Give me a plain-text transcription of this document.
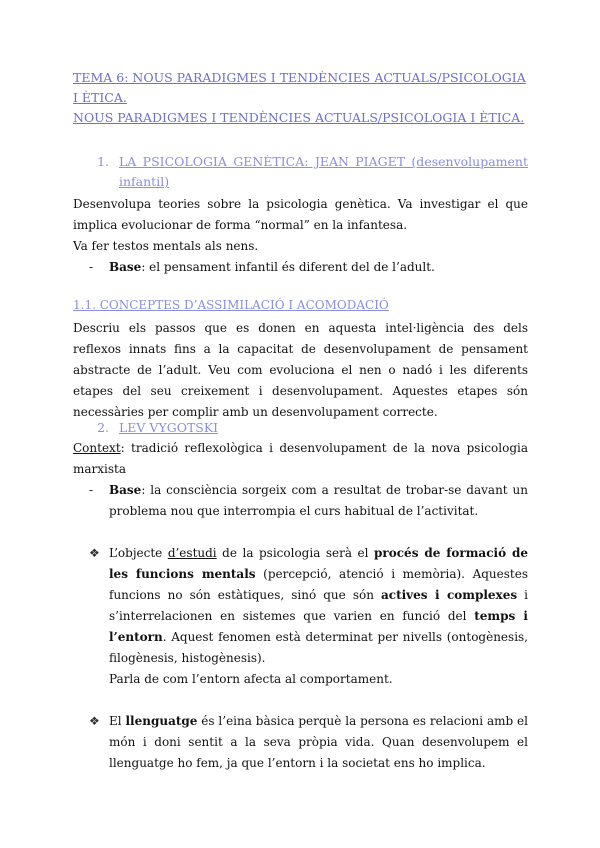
TEMA 6: NOUS PARADIGMES I TENDÈNCIES ACTUALS/PSICOLOGIA I ÈTICA.
NOUS PARADIGMES I TENDÈNCIES ACTUALS/PSICOLOGIA I ÈTICA.
1. LA PSICOLOGIA GENÈTICA: JEAN PIAGET (desenvolupament infantil)

Desenvolupa teories sobre la psicologia genètica. Va investigar el que implica evolucionar de forma “normal” en la infantesa.

Va fer testos mentals als nens.

-	Base: el pensament infantil és diferent del de l’adult.
1.1. CONCEPTES D’ASSIMILACIÓ I ACOMODACIÓ

Descriu els passos que es donen en aquesta intel·ligència des dels reflexos innats fins a la capacitat de desenvolupament de pensament abstracte de l’adult. Veu com evoluciona el nen o nadó i les diferents etapes del seu creixement i desenvolupament. Aquestes etapes són necessàries per complir amb un desenvolupament correcte.

2. LEV VYGOTSKI

Context: tradició reflexològica i desenvolupament de la nova psicologia marxista

-	Base: la consciència sorgeix com a resultat de trobar-se davant un problema nou que interrompia el curs habitual de l’activitat.
❖ L’objecte d’estudi de la psicologia serà el procés de formació de les funcions mentals (percepció, atenció i memòria). Aquestes funcions no són estàtiques, sinó que són actives i complexes i s’interrelacionen en sistemes que varien en funció del temps i l’entorn. Aquest fenomen està determinat per nivells (ontogènesis, filogènesis, histogènesis).
Parla de com l’entorn afecta al comportament.
❖ El llenguatge és l’eina bàsica perquè la persona es relacioni amb el món i doni sentit a la seva pròpia vida. Quan desenvolupem el llenguatge ho fem, ja que l’entorn i la societat ens ho implica.
